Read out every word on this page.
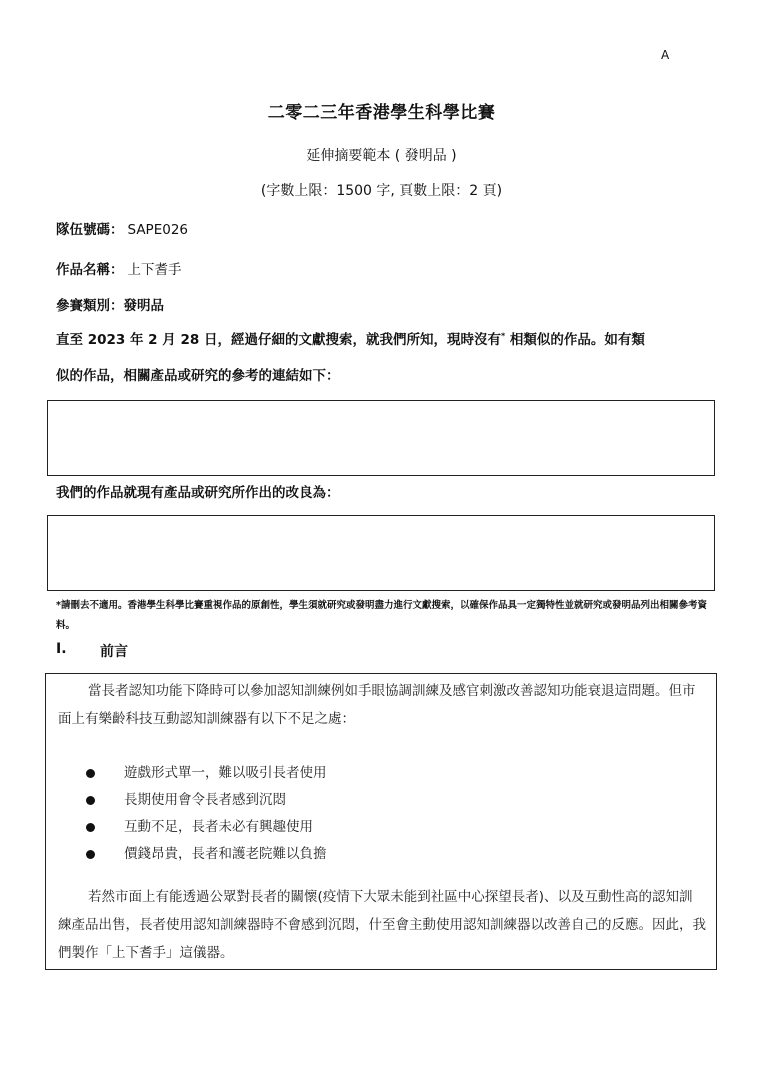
A
二零二三年香港學生科學比賽
延伸摘要範本 ( 發明品 )
(字數上限：1500 字, 頁數上限：2 頁)
隊伍號碼： SAPE026
作品名稱： 上下耆手
參賽類別：發明品
直至 2023 年 2 月 28 日，經過仔細的文獻搜索，就我們所知，現時沒有* 相類似的作品。如有類
似的作品，相關產品或研究的參考的連結如下：
我們的作品就現有產品或研究所作出的改良為：
*請刪去不適用。香港學生科學比賽重視作品的原創性，學生須就研究或發明盡力進行文獻搜索，以確保作品具一定獨特性並就研究或發明品列出相關參考資料。
I. 前言
當長者認知功能下降時可以參加認知訓練例如手眼協調訓練及感官刺激改善認知功能衰退這問題。但市面上有樂齡科技互動認知訓練器有以下不足之處：
遊戲形式單一，難以吸引長者使用
長期使用會令長者感到沉悶
互動不足，長者未必有興趣使用
價錢昂貴，長者和護老院難以負擔
若然市面上有能透過公眾對長者的關懷(疫情下大眾未能到社區中心探望長者)、以及互動性高的認知訓練產品出售，長者使用認知訓練器時不會感到沉悶，什至會主動使用認知訓練器以改善自己的反應。因此，我們製作「上下耆手」這儀器。
